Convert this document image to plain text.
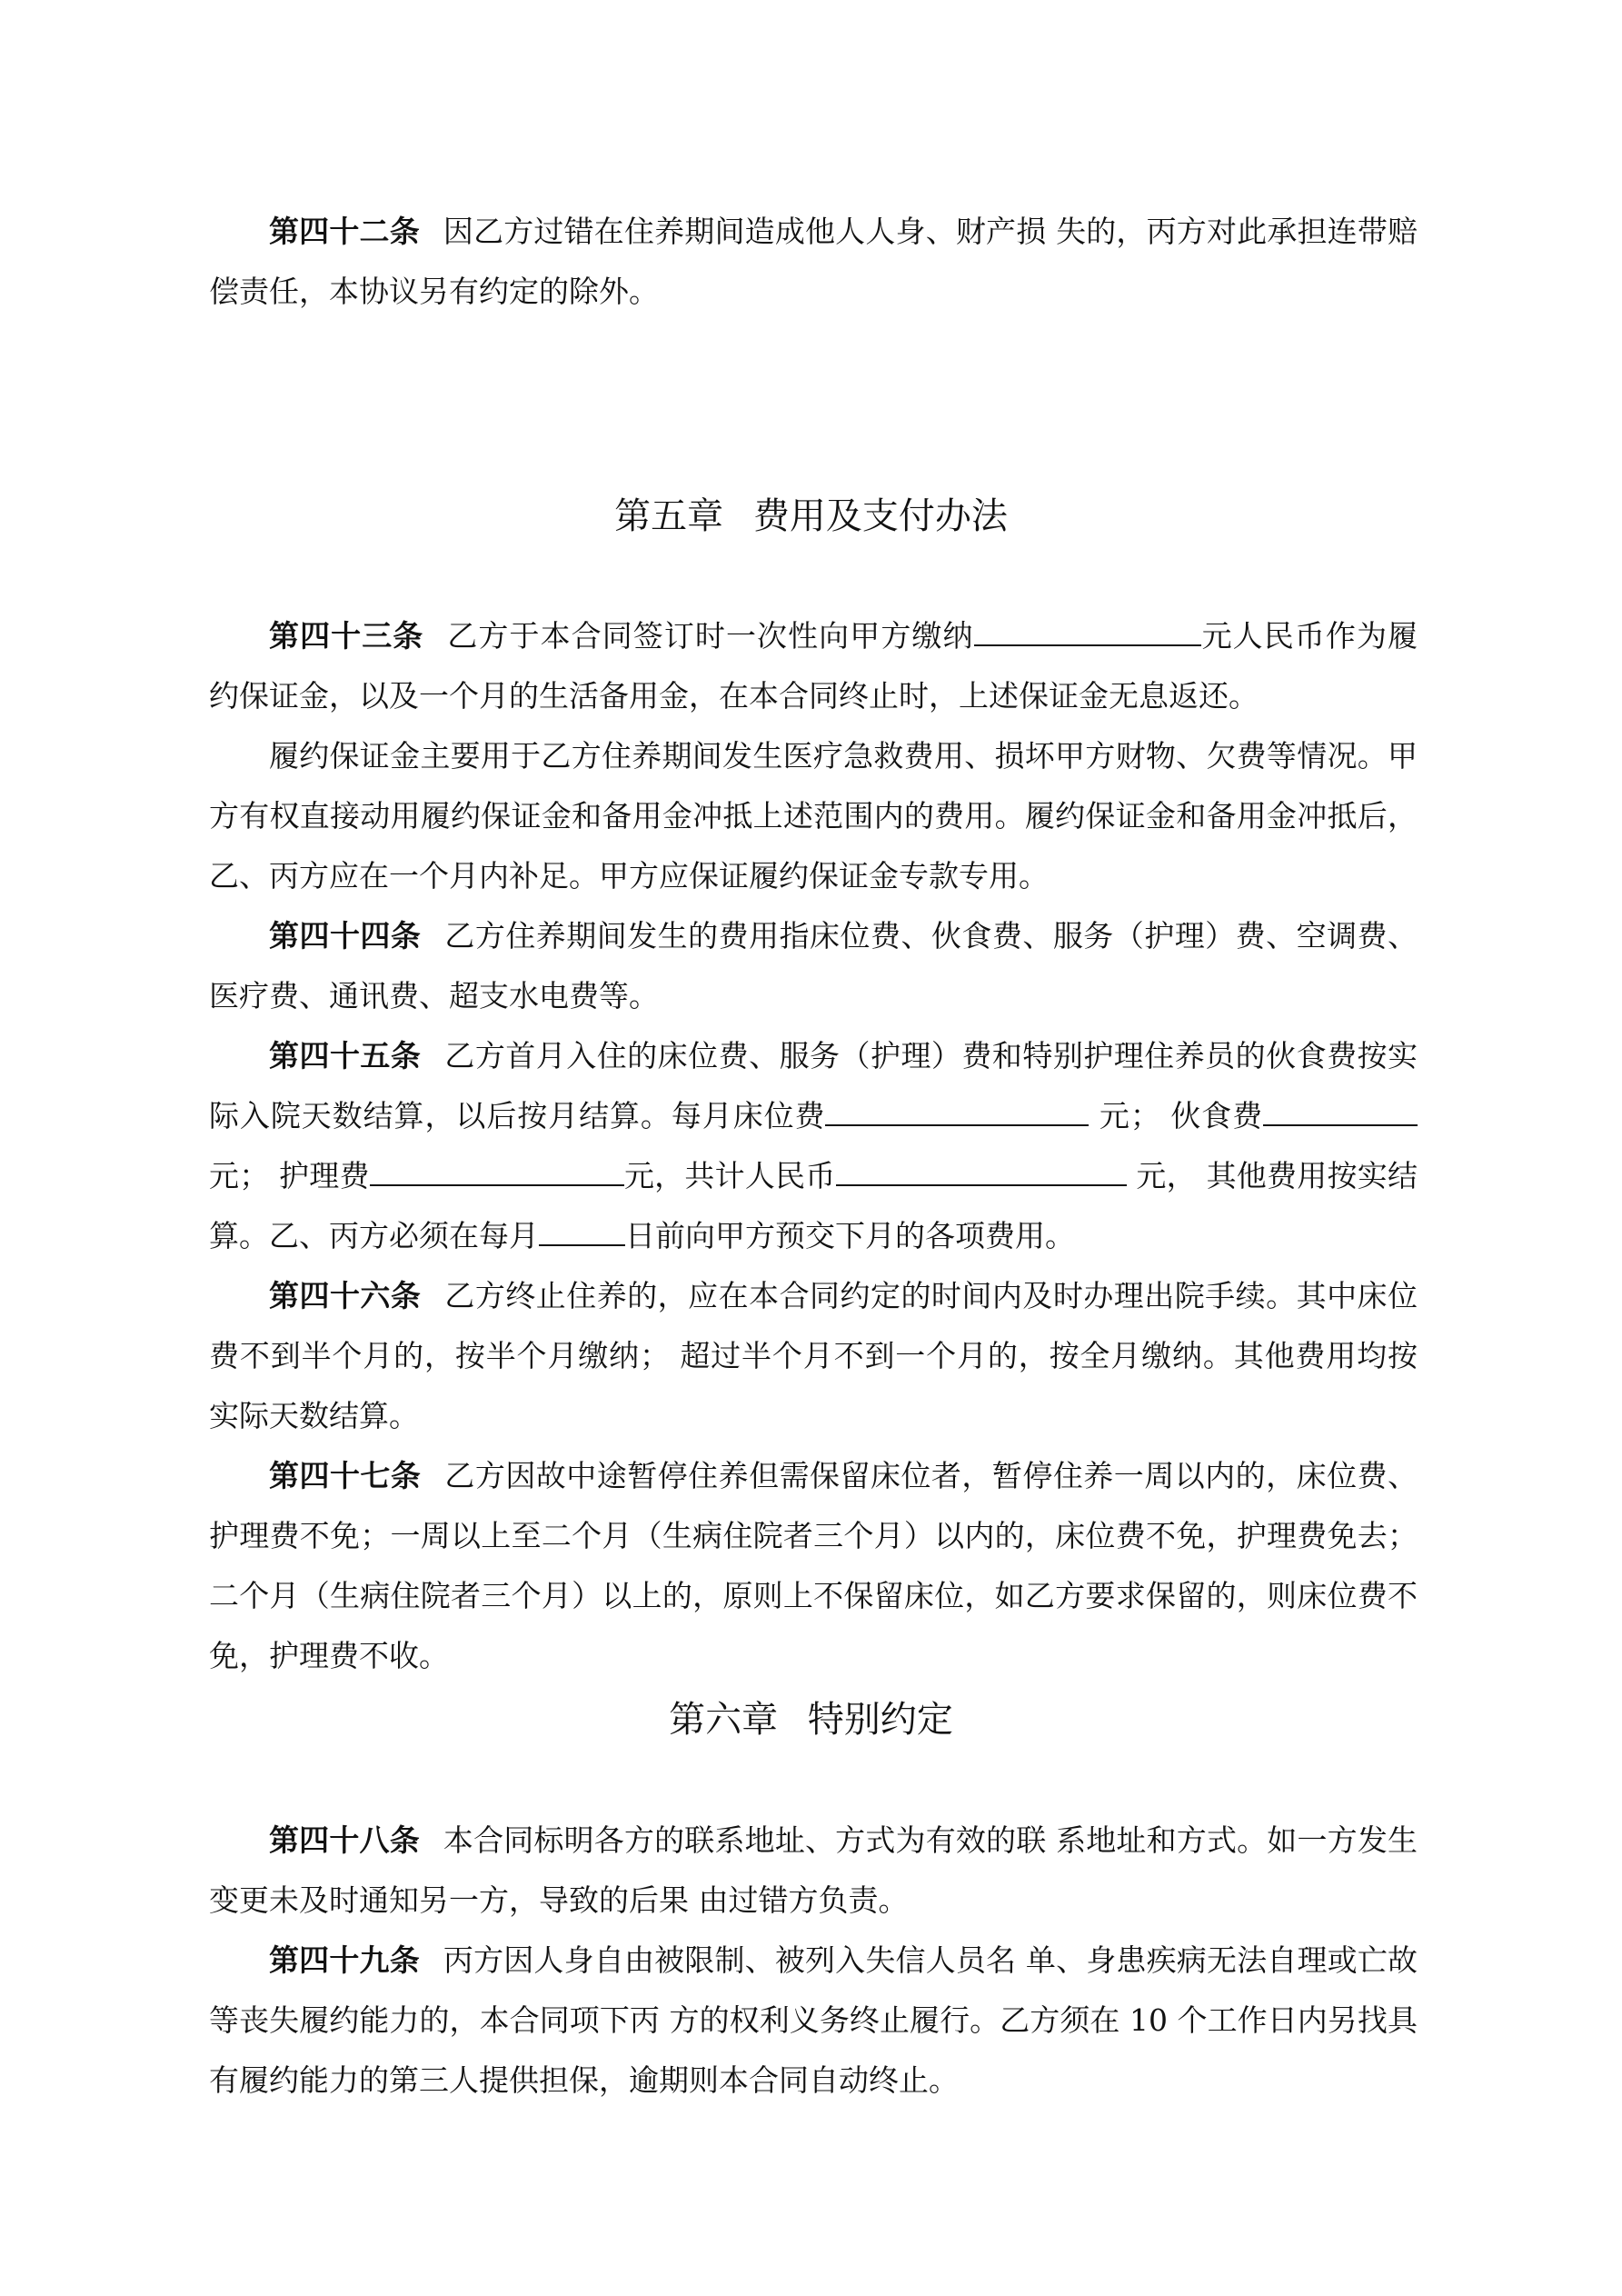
第四十二条 因乙方过错在住养期间造成他人人身、财产损 失的，丙方对此承担连带赔偿责任，本协议另有约定的除外。

第五章 费用及支付办法

第四十三条 乙方于本合同签订时一次性向甲方缴纳	元人民币作为履约保证金，以及一个月的生活备用金，在本合同终止时，上述保证金无息返还。

履约保证金主要用于乙方住养期间发生医疗急救费用、损坏甲方财物、欠费等情况。甲方有权直接动用履约保证金和备用金冲抵上述范围内的费用。履约保证金和备用金冲抵后，乙、丙方应在一个月内补足。甲方应保证履约保证金专款专用。

第四十四条 乙方住养期间发生的费用指床位费、伙食费、服务（护理）费、空调费、医疗费、通讯费、超支水电费等。

第四十五条 乙方首月入住的床位费、服务（护理）费和特别护理住养员的伙食费按实际入院天数结算，以后按月结算。每月床位费	元； 伙食费元； 护理费	元，共计人民币	元， 其他费用按实结算。乙、丙方必须在每月	日前向甲方预交下月的各项费用。

第四十六条 乙方终止住养的，应在本合同约定的时间内及时办理出院手续。其中床位费不到半个月的，按半个月缴纳； 超过半个月不到一个月的，按全月缴纳。其他费用均按实际天数结算。

第四十七条 乙方因故中途暂停住养但需保留床位者，暂停住养一周以内的，床位费、护理费不免；一周以上至二个月（生病住院者三个月）以内的，床位费不免，护理费免去； 二个月（生病住院者三个月）以上的，原则上不保留床位，如乙方要求保留的，则床位费不免，护理费不收。

第六章 特别约定

第四十八条 本合同标明各方的联系地址、方式为有效的联 系地址和方式。如一方发生变更未及时通知另一方，导致的后果 由过错方负责。

第四十九条 丙方因人身自由被限制、被列入失信人员名 单、身患疾病无法自理或亡故等丧失履约能力的，本合同项下丙 方的权利义务终止履行。乙方须在 10 个工作日内另找具有履约能力的第三人提供担保，逾期则本合同自动终止。
